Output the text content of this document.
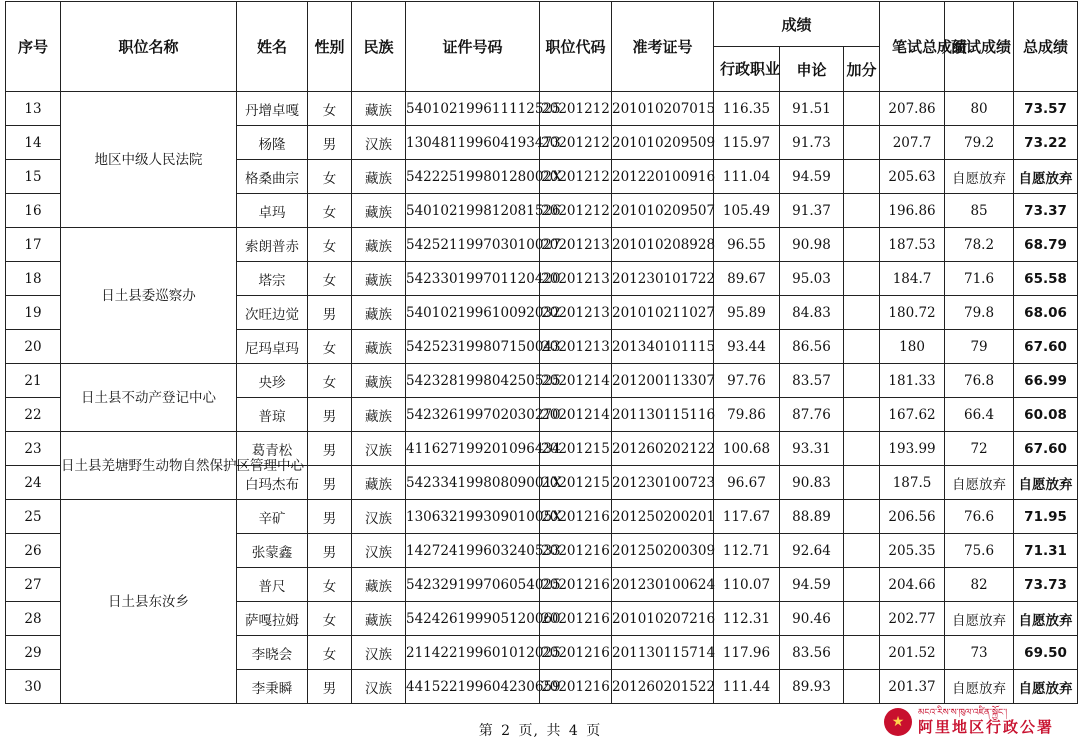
序号	职位名称	姓名	性别	民族	证件号码	职位代码	准考证号	成绩			笔试总成绩	面试成绩	总成绩
								行政职业	申论	加分			
13	地区中级人民法院	丹增卓嘎	女	藏族	540102199611112525	20201212	201010207015	116.35	91.51		207.86	80	73.57
14		杨隆	男	汉族	130481199604193473	20201212	201010209509	115.97	91.73		207.7	79.2	73.22
15		格桑曲宗	女	藏族	54222519980128002X	20201212	201220100916	111.04	94.59		205.63	自愿放弃	自愿放弃
16		卓玛	女	藏族	540102199812081526	20201212	201010209507	105.49	91.37		196.86	85	73.37
17	日土县委巡察办	索朗普赤	女	藏族	542521199703010027	20201213	201010208928	96.55	90.98		187.53	78.2	68.79
18		塔宗	女	藏族	542330199701120420	20201213	201230101722	89.67	95.03		184.7	71.6	65.58
19		次旺边觉	男	藏族	540102199610092032	20201213	201010211027	95.89	84.83		180.72	79.8	68.06
20		尼玛卓玛	女	藏族	542523199807150043	20201213	201340101115	93.44	86.56		180	79	67.60
21	日土县不动产登记中心	央珍	女	藏族	542328199804250525	20201214	201200113307	97.76	83.57		181.33	76.8	66.99
22		普琼	男	藏族	542326199702030270	20201214	201130115116	79.86	87.76		167.62	66.4	60.08
23	日土县羌塘野生动物自然保护区管理中心	葛青松	男	汉族	411627199201096434	20201215	201260202122	100.68	93.31		193.99	72	67.60
24		白玛杰布	男	藏族	54233419980809001X	20201215	201230100723	96.67	90.83		187.5	自愿放弃	自愿放弃
25	日土县东汝乡	辛矿	男	汉族	13063219930901005X	20201216	201250200201	117.67	88.89		206.56	76.6	71.95
26		张蒙鑫	男	汉族	142724199603240533	20201216	201250200309	112.71	92.64		205.35	75.6	71.31
27		普尺	女	藏族	542329199706054025	20201216	201230100624	110.07	94.59		204.66	82	73.73
28		萨嘎拉姆	女	藏族	542426199905120060	20201216	201010207216	112.31	90.46		202.77	自愿放弃	自愿放弃
29		李晓会	女	汉族	211422199601012025	20201216	201130115714	117.96	83.56		201.52	73	69.50
30		李秉瞬	男	汉族	441522199604230659	20201216	201260201522	111.44	89.93		201.37	自愿放弃	自愿放弃
第 2 页, 共 4 页
★
མངའ་རིས་ས་ཁུལ་འཛིན་སྐྱོང་།
阿里地区行政公署
